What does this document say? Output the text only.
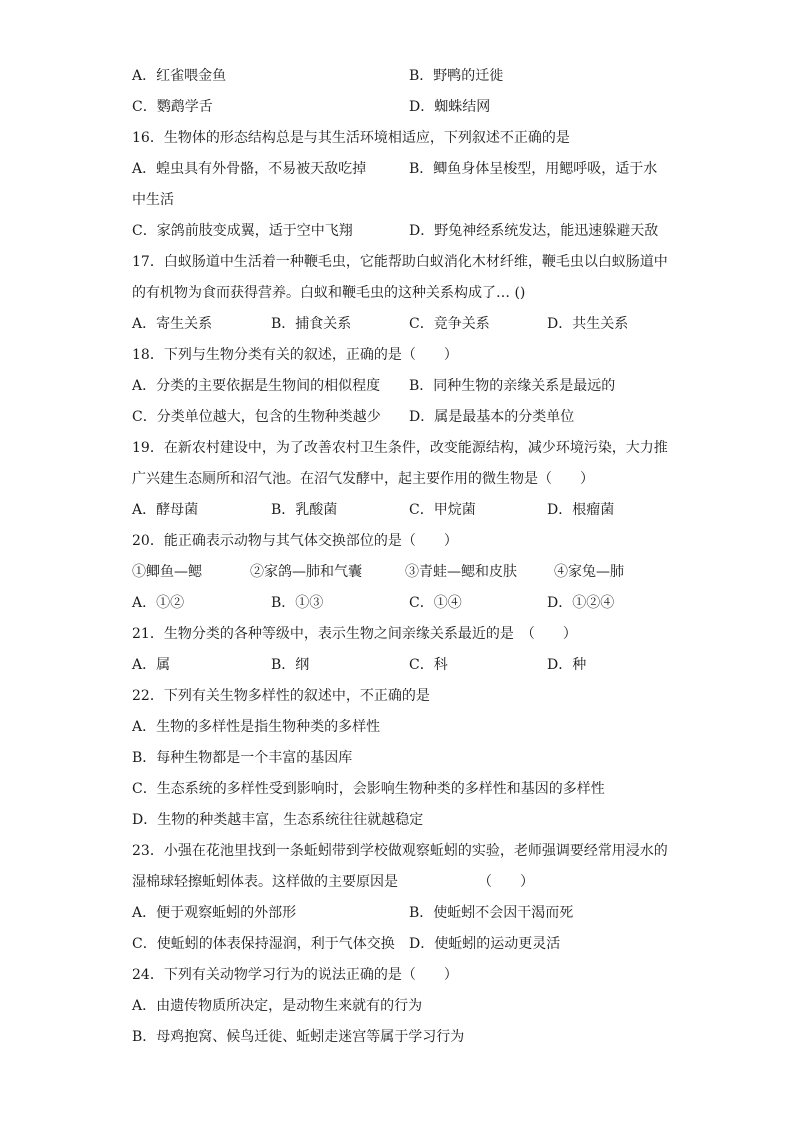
A．红雀喂金鱼	B．野鸭的迁徙
C．鹦鹉学舌	D．蜘蛛结网
16．生物体的形态结构总是与其生活环境相适应，下列叙述不正确的是
A．蝗虫具有外骨骼，不易被天敌吃掉	B．鲫鱼身体呈梭型，用鳃呼吸，适于水
中生活
C．家鸽前肢变成翼，适于空中飞翔	D．野兔神经系统发达，能迅速躲避天敌
17．白蚁肠道中生活着一种鞭毛虫，它能帮助白蚁消化木材纤维，鞭毛虫以白蚁肠道中
的有机物为食而获得营养。白蚁和鞭毛虫的这种关系构成了… ()
A．寄生关系	B．捕食关系	C．竞争关系	D．共生关系
18．下列与生物分类有关的叙述，正确的是（　　）
A．分类的主要依据是生物间的相似程度 B．同种生物的亲缘关系是最远的
C．分类单位越大，包含的生物种类越少 D．属是最基本的分类单位
19．在新农村建设中，为了改善农村卫生条件，改变能源结构，减少环境污染，大力推
广兴建生态厕所和沼气池。在沼气发酵中，起主要作用的微生物是（　　）
A．酵母菌	B．乳酸菌	C．甲烷菌	D．根瘤菌
20．能正确表示动物与其气体交换部位的是（　　）
①鲫鱼—鳃	②家鸽—肺和气囊	③青蛙—鳃和皮肤	④家兔—肺
A．①②	B．①③	C．①④	D．①②④
21．生物分类的各种等级中，表示生物之间亲缘关系最近的是　（　　）
A．属	B．纲	C．科	D．种
22．下列有关生物多样性的叙述中，不正确的是
A．生物的多样性是指生物种类的多样性
B．每种生物都是一个丰富的基因库
C．生态系统的多样性受到影响时，会影响生物种类的多样性和基因的多样性
D．生物的种类越丰富，生态系统往往就越稳定
23．小强在花池里找到一条蚯蚓带到学校做观察蚯蚓的实验，老师强调要经常用浸水的
湿棉球轻擦蚯蚓体表。这样做的主要原因是	（　　）
A．便于观察蚯蚓的外部形	B．使蚯蚓不会因干渴而死
C．使蚯蚓的体表保持湿润，利于气体交换 D．使蚯蚓的运动更灵活
24．下列有关动物学习行为的说法正确的是（　　）
A．由遗传物质所决定，是动物生来就有的行为
B．母鸡抱窝、候鸟迁徙、蚯蚓走迷宫等属于学习行为
